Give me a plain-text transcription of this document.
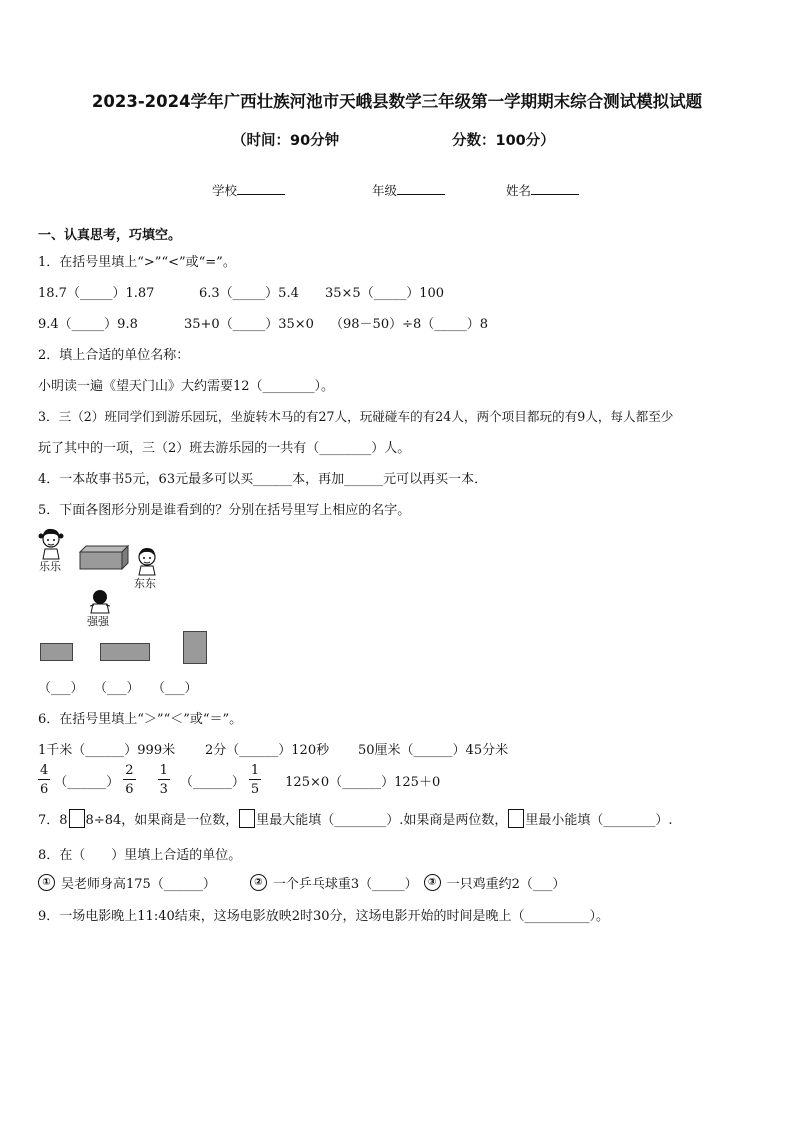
2023-2024学年广西壮族河池市天峨县数学三年级第一学期期末综合测试模拟试题
（时间：90分钟	分数：100分）
学校	年级	姓名
一、认真思考，巧填空。
1．在括号里填上“>”“<”或“=”。
18.7（_____）1.87	6.3（_____）5.4 35×5（_____）100
9.4（_____）9.8	35+0（_____）35×0 （98－50）÷8（_____）8
2．填上合适的单位名称：
小明读一遍《望天门山》大约需要12（________）。
3．三（2）班同学们到游乐园玩，坐旋转木马的有27人，玩碰碰车的有24人，两个项目都玩的有9人，每人都至少
玩了其中的一项，三（2）班去游乐园的一共有（________）人。
4．一本故事书5元，63元最多可以买______本，再加______元可以再买一本．
5．下面各图形分别是谁看到的？分别在括号里写上相应的名字。
乐乐
东东
强强
（___） （___） （___）
6．在括号里填上“＞”“＜”或“＝”。
1千米（______）999米 2分（______）120秒 50厘米（______）45分米
$\frac{4}{6}$ （______） $\frac{2}{6} \frac{1}{3}$ （______） $\frac{1}{5}$ 125×0（______）125＋0
7．8 8÷84，如果商是一位数， 里最大能填（________）.如果商是两位数， 里最小能填（________）.
8．在（　　）里填上合适的单位。
① 吴老师身高175（______）	② 一个乒乓球重3（_____）	③ 一只鸡重约2（___）
9．一场电影晚上11:40结束，这场电影放映2时30分，这场电影开始的时间是晚上（__________）。
